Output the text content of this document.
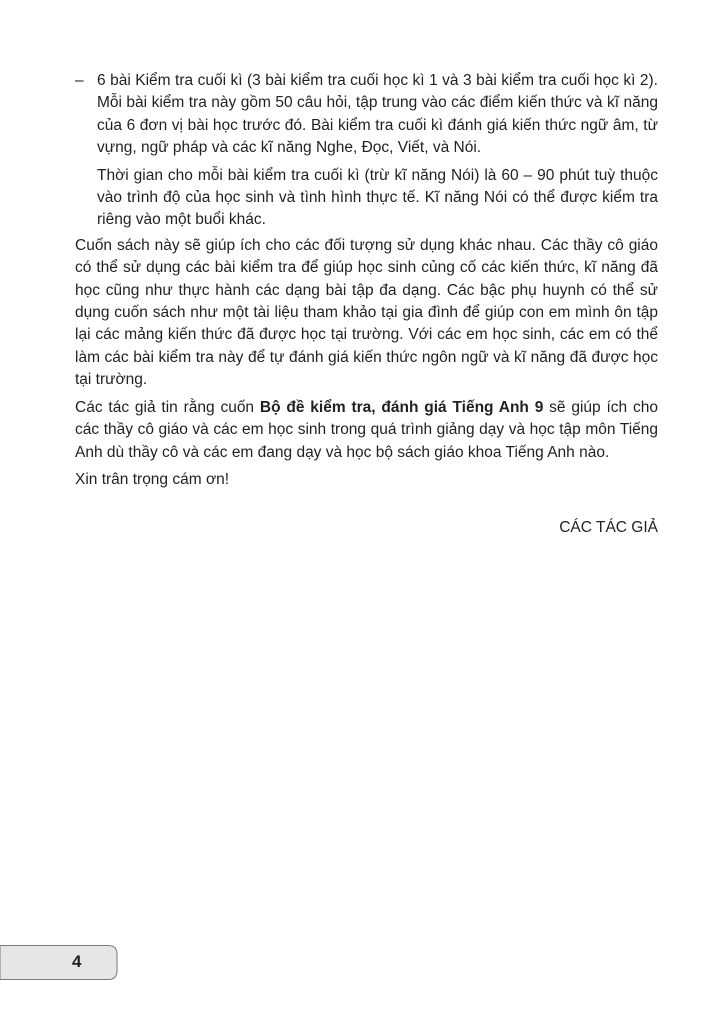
– 6 bài Kiểm tra cuối kì (3 bài kiểm tra cuối học kì 1 và 3 bài kiểm tra cuối học kì 2). Mỗi bài kiểm tra này gồm 50 câu hỏi, tập trung vào các điểm kiến thức và kĩ năng của 6 đơn vị bài học trước đó. Bài kiểm tra cuối kì đánh giá kiến thức ngữ âm, từ vựng, ngữ pháp và các kĩ năng Nghe, Đọc, Viết, và Nói.

Thời gian cho mỗi bài kiểm tra cuối kì (trừ kĩ năng Nói) là 60 – 90 phút tuỳ thuộc vào trình độ của học sinh và tình hình thực tế. Kĩ năng Nói có thể được kiểm tra riêng vào một buổi khác.

Cuốn sách này sẽ giúp ích cho các đối tượng sử dụng khác nhau. Các thầy cô giáo có thể sử dụng các bài kiểm tra để giúp học sinh củng cố các kiến thức, kĩ năng đã học cũng như thực hành các dạng bài tập đa dạng. Các bậc phụ huynh có thể sử dụng cuốn sách như một tài liệu tham khảo tại gia đình để giúp con em mình ôn tập lại các mảng kiến thức đã được học tại trường. Với các em học sinh, các em có thể làm các bài kiểm tra này để tự đánh giá kiến thức ngôn ngữ và kĩ năng đã được học tại trường.

Các tác giả tin rằng cuốn Bộ đề kiểm tra, đánh giá Tiếng Anh 9 sẽ giúp ích cho các thầy cô giáo và các em học sinh trong quá trình giảng dạy và học tập môn Tiếng Anh dù thầy cô và các em đang dạy và học bộ sách giáo khoa Tiếng Anh nào.

Xin trân trọng cám ơn!

CÁC TÁC GIẢ

4
